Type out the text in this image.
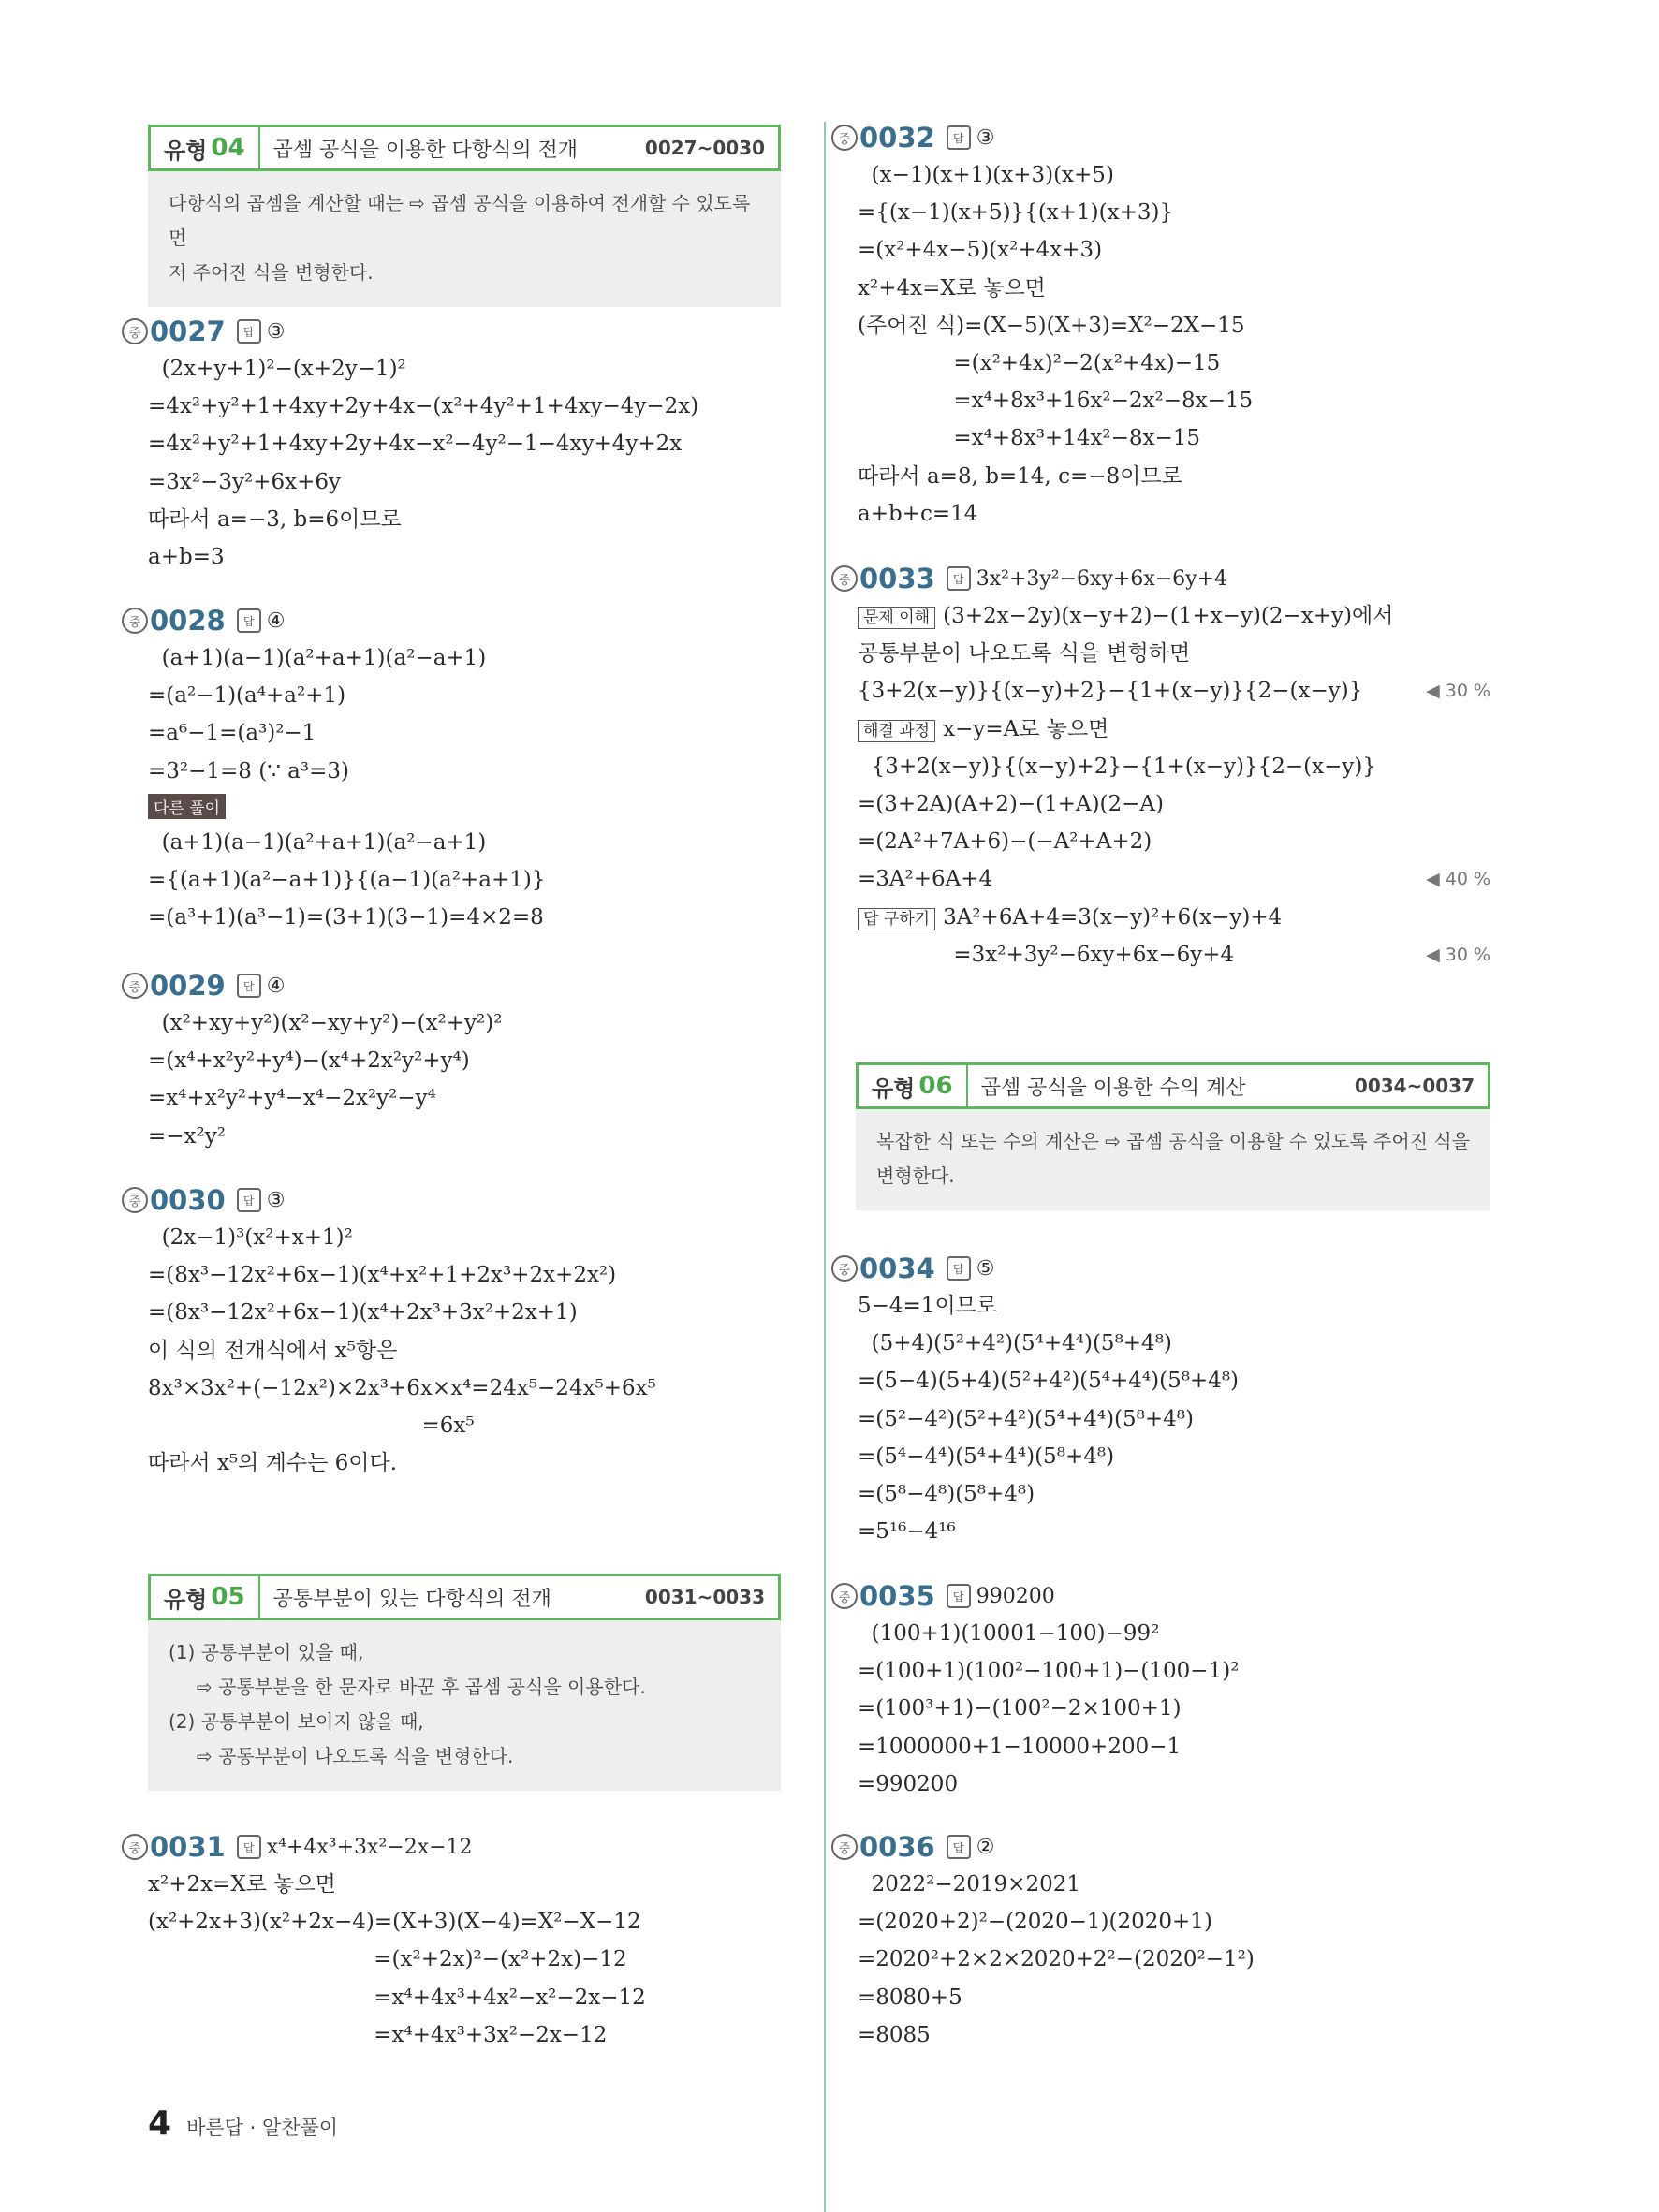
유형 04	곱셈 공식을 이용한 다항식의 전개	0027~0030
다항식의 곱셈을 계산할 때는 ⇨ 곱셈 공식을 이용하여 전개할 수 있도록 먼
저 주어진 식을 변형한다.
중 0027	답 ③
(2x+y+1)²−(x+2y−1)²
=4x²+y²+1+4xy+2y+4x−(x²+4y²+1+4xy−4y−2x)
=4x²+y²+1+4xy+2y+4x−x²−4y²−1−4xy+4y+2x
=3x²−3y²+6x+6y
따라서 a=−3, b=6이므로
a+b=3
중 0028	답 ④
(a+1)(a−1)(a²+a+1)(a²−a+1)
=(a²−1)(a⁴+a²+1)
=a⁶−1=(a³)²−1
=3²−1=8 (∵ a³=3)
다른 풀이
(a+1)(a−1)(a²+a+1)(a²−a+1)
={(a+1)(a²−a+1)}{(a−1)(a²+a+1)}
=(a³+1)(a³−1)=(3+1)(3−1)=4×2=8
중 0029	답 ④
(x²+xy+y²)(x²−xy+y²)−(x²+y²)²
=(x⁴+x²y²+y⁴)−(x⁴+2x²y²+y⁴)
=x⁴+x²y²+y⁴−x⁴−2x²y²−y⁴
=−x²y²
중 0030	답 ③
(2x−1)³(x²+x+1)²
=(8x³−12x²+6x−1)(x⁴+x²+1+2x³+2x+2x²)
=(8x³−12x²+6x−1)(x⁴+2x³+3x²+2x+1)
이 식의 전개식에서 x⁵항은
8x³×3x²+(−12x²)×2x³+6x×x⁴=24x⁵−24x⁵+6x⁵
=6x⁵
따라서 x⁵의 계수는 6이다.
유형 05	공통부분이 있는 다항식의 전개	0031~0033
(1) 공통부분이 있을 때,
⇨ 공통부분을 한 문자로 바꾼 후 곱셈 공식을 이용한다.
(2) 공통부분이 보이지 않을 때,
⇨ 공통부분이 나오도록 식을 변형한다.
중 0031	답 x⁴+4x³+3x²−2x−12
x²+2x=X로 놓으면
(x²+2x+3)(x²+2x−4)=(X+3)(X−4)=X²−X−12
=(x²+2x)²−(x²+2x)−12
=x⁴+4x³+4x²−x²−2x−12
=x⁴+4x³+3x²−2x−12
중 0032	답 ③
(x−1)(x+1)(x+3)(x+5)
={(x−1)(x+5)}{(x+1)(x+3)}
=(x²+4x−5)(x²+4x+3)
x²+4x=X로 놓으면
(주어진 식)=(X−5)(X+3)=X²−2X−15
=(x²+4x)²−2(x²+4x)−15
=x⁴+8x³+16x²−2x²−8x−15
=x⁴+8x³+14x²−8x−15
따라서 a=8, b=14, c=−8이므로
a+b+c=14
중 0033	답 3x²+3y²−6xy+6x−6y+4
문제 이해 (3+2x−2y)(x−y+2)−(1+x−y)(2−x+y)에서
공통부분이 나오도록 식을 변형하면
{3+2(x−y)}{(x−y)+2}−{1+(x−y)}{2−(x−y)}	◀ 30 %
해결 과정 x−y=A로 놓으면
{3+2(x−y)}{(x−y)+2}−{1+(x−y)}{2−(x−y)}
=(3+2A)(A+2)−(1+A)(2−A)
=(2A²+7A+6)−(−A²+A+2)
=3A²+6A+4	◀ 40 %
답 구하기 3A²+6A+4=3(x−y)²+6(x−y)+4
=3x²+3y²−6xy+6x−6y+4	◀ 30 %
유형 06	곱셈 공식을 이용한 수의 계산	0034~0037
복잡한 식 또는 수의 계산은 ⇨ 곱셈 공식을 이용할 수 있도록 주어진 식을
변형한다.
중 0034	답 ⑤
5−4=1이므로
(5+4)(5²+4²)(5⁴+4⁴)(5⁸+4⁸)
=(5−4)(5+4)(5²+4²)(5⁴+4⁴)(5⁸+4⁸)
=(5²−4²)(5²+4²)(5⁴+4⁴)(5⁸+4⁸)
=(5⁴−4⁴)(5⁴+4⁴)(5⁸+4⁸)
=(5⁸−4⁸)(5⁸+4⁸)
=5¹⁶−4¹⁶
중 0035	답 990200
(100+1)(10001−100)−99²
=(100+1)(100²−100+1)−(100−1)²
=(100³+1)−(100²−2×100+1)
=1000000+1−10000+200−1
=990200
중 0036	답 ②
2022²−2019×2021
=(2020+2)²−(2020−1)(2020+1)
=2020²+2×2×2020+2²−(2020²−1²)
=8080+5
=8085
4 바른답 · 알찬풀이
